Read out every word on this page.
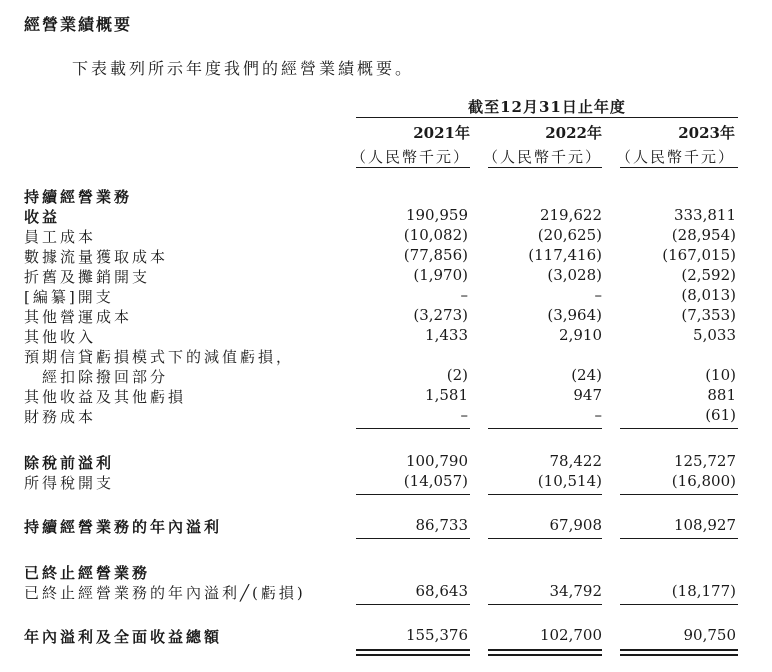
經營業績概要
下表載列所示年度我們的經營業績概要。
截至12月31日止年度
2021年	2022年	2023年
（人民幣千元） （人民幣千元） （人民幣千元）
持續經營業務
收益	190,959	219,622	333,811
員工成本	(10,082)	(20,625)	(28,954)
數據流量獲取成本	(77,856)	(117,416)	(167,015)
折舊及攤銷開支	(1,970)	(3,028)	(2,592)
[編纂]開支	–	–	(8,013)
其他營運成本	(3,273)	(3,964)	(7,353)
其他收入	1,433	2,910	5,033
預期信貸虧損模式下的減值虧損，
經扣除撥回部分	(2)	(24)	(10)
其他收益及其他虧損	1,581	947	881
財務成本	–	–	(61)
除稅前溢利	100,790	78,422	125,727
所得稅開支	(14,057)	(10,514)	(16,800)
持續經營業務的年內溢利	86,733	67,908	108,927
已終止經營業務
已終止經營業務的年內溢利╱(虧損)	68,643	34,792	(18,177)
年內溢利及全面收益總額	155,376	102,700	90,750
